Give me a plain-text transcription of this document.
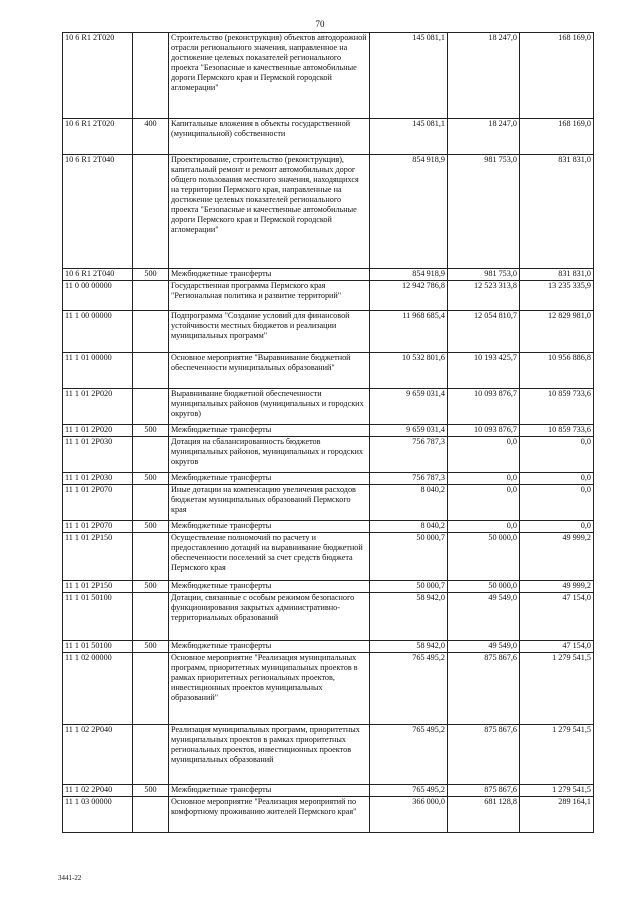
70
10 6 R1 2T020		Строительство (реконструкция) объектов автодорожной отрасли регионального значения, направленное на достижение целевых показателей регионального проекта "Безопасные и качественные автомобильные дороги Пермского края и Пермской городской агломерации"	145 081,1	18 247,0	168 169,0
10 6 R1 2T020	400	Капитальные вложения в объекты государственной (муниципальной) собственности	145 081,1	18 247,0	168 169,0
10 6 R1 2T040		Проектирование, строительство (реконструкция), капитальный ремонт и ремонт автомобильных дорог общего пользования местного значения, находящихся на территории Пермского края, направленные на достижение целевых показателей регионального проекта "Безопасные и качественные автомобильные дороги Пермского края и Пермской городской агломерации"	854 918,9	981 753,0	831 831,0
10 6 R1 2T040	500	Межбюджетные трансферты	854 918,9	981 753,0	831 831,0
11 0 00 00000		Государственная программа Пермского края "Региональная политика и развитие территорий"	12 942 786,8	12 523 313,8	13 235 335,9
11 1 00 00000		Подпрограмма "Создание условий для финансовой устойчивости местных бюджетов и реализации муниципальных программ"	11 968 685,4	12 054 810,7	12 829 981,0
11 1 01 00000		Основное мероприятие "Выравнивание бюджетной обеспеченности муниципальных образований"	10 532 801,6	10 193 425,7	10 956 886,8
11 1 01 2P020		Выравнивание бюджетной обеспеченности муниципальных районов (муниципальных и городских округов)	9 659 031,4	10 093 876,7	10 859 733,6
11 1 01 2P020	500	Межбюджетные трансферты	9 659 031,4	10 093 876,7	10 859 733,6
11 1 01 2P030		Дотация на сбалансированность бюджетов муниципальных районов, муниципальных и городских округов	756 787,3	0,0	0,0
11 1 01 2P030	500	Межбюджетные трансферты	756 787,3	0,0	0,0
11 1 01 2P070		Иные дотации на компенсацию увеличения расходов бюджетам муниципальных образований Пермского края	8 040,2	0,0	0,0
11 1 01 2P070	500	Межбюджетные трансферты	8 040,2	0,0	0,0
11 1 01 2P150		Осуществление полномочий по расчету и предоставлению дотаций на выравнивание бюджетной обеспеченности поселений за счет средств бюджета Пермского края	50 000,7	50 000,0	49 999,2
11 1 01 2P150	500	Межбюджетные трансферты	50 000,7	50 000,0	49 999,2
11 1 01 50100		Дотации, связанные с особым режимом безопасного функционирования закрытых административно-территориальных образований	58 942,0	49 549,0	47 154,0
11 1 01 50100	500	Межбюджетные трансферты	58 942,0	49 549,0	47 154,0
11 1 02 00000		Основное мероприятие "Реализация муниципальных программ, приоритетных муниципальных проектов в рамках приоритетных региональных проектов, инвестиционных проектов муниципальных образований"	765 495,2	875 867,6	1 279 541,5
11 1 02 2P040		Реализация муниципальных программ, приоритетных муниципальных проектов в рамках приоритетных региональных проектов, инвестиционных проектов муниципальных образований	765 495,2	875 867,6	1 279 541,5
11 1 02 2P040	500	Межбюджетные трансферты	765 495,2	875 867,6	1 279 541,5
11 1 03 00000		Основное мероприятие "Реализация мероприятий по комфортному проживанию жителей Пермского края"	366 000,0	681 128,8	289 164,1
3441-22
